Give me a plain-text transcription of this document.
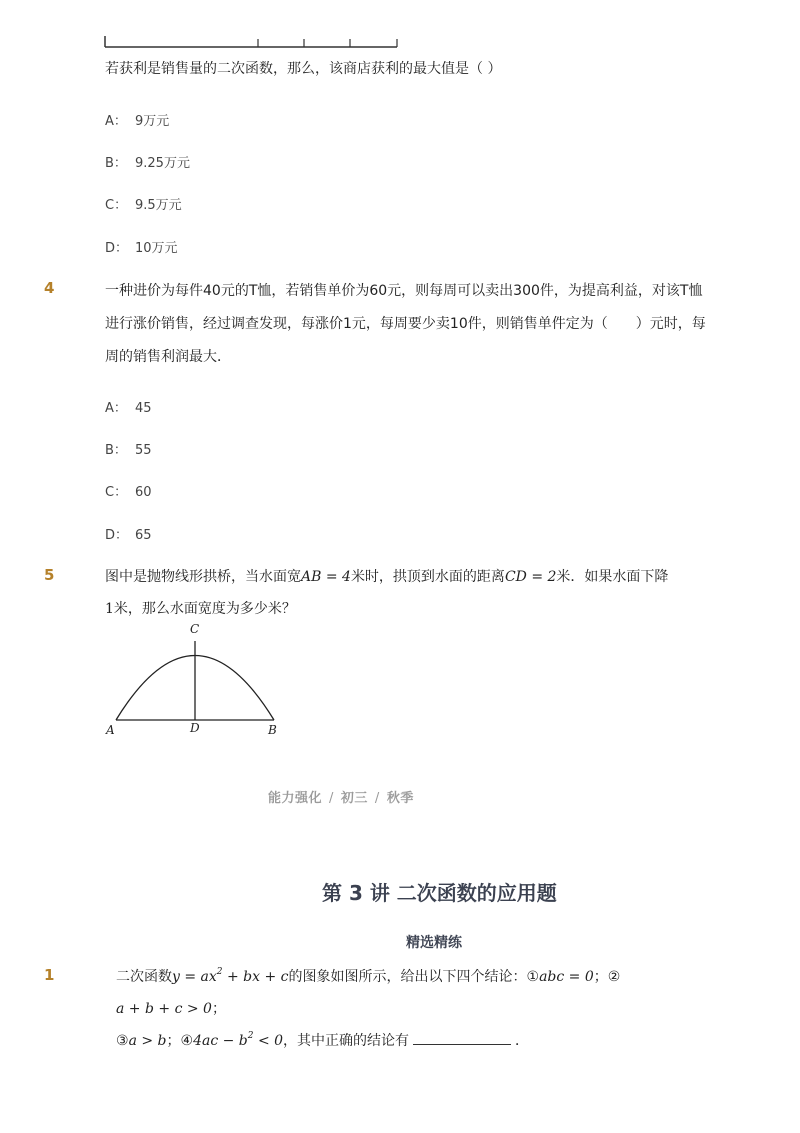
若获利是销售量的二次函数，那么，该商店获利的最大值是（ ）
A： 9万元
B： 9.25万元
C： 9.5万元
D： 10万元
4	一种进价为每件40元的T恤，若销售单价为60元，则每周可以卖出300件，为提高利益，对该T恤
进行涨价销售，经过调查发现，每涨价1元，每周要少卖10件，则销售单件定为（　　）元时，每
周的销售利润最大．
A： 45
B： 55
C： 60
D： 65
5	图中是抛物线形拱桥，当水面宽AB = 4米时，拱顶到水面的距离CD = 2米．如果水面下降
1米，那么水面宽度为多少米？
A	D	B
C
能力强化 / 初三 / 秋季
第 3 讲 二次函数的应用题
精选精练
1	二次函数$y = ax^2$ + bx + c的图象如图所示，给出以下四个结论：①abc = 0；②
a + b + c > 0；
③a > b；④4ac − $b^2 < 0$，其中正确的结论有	．
